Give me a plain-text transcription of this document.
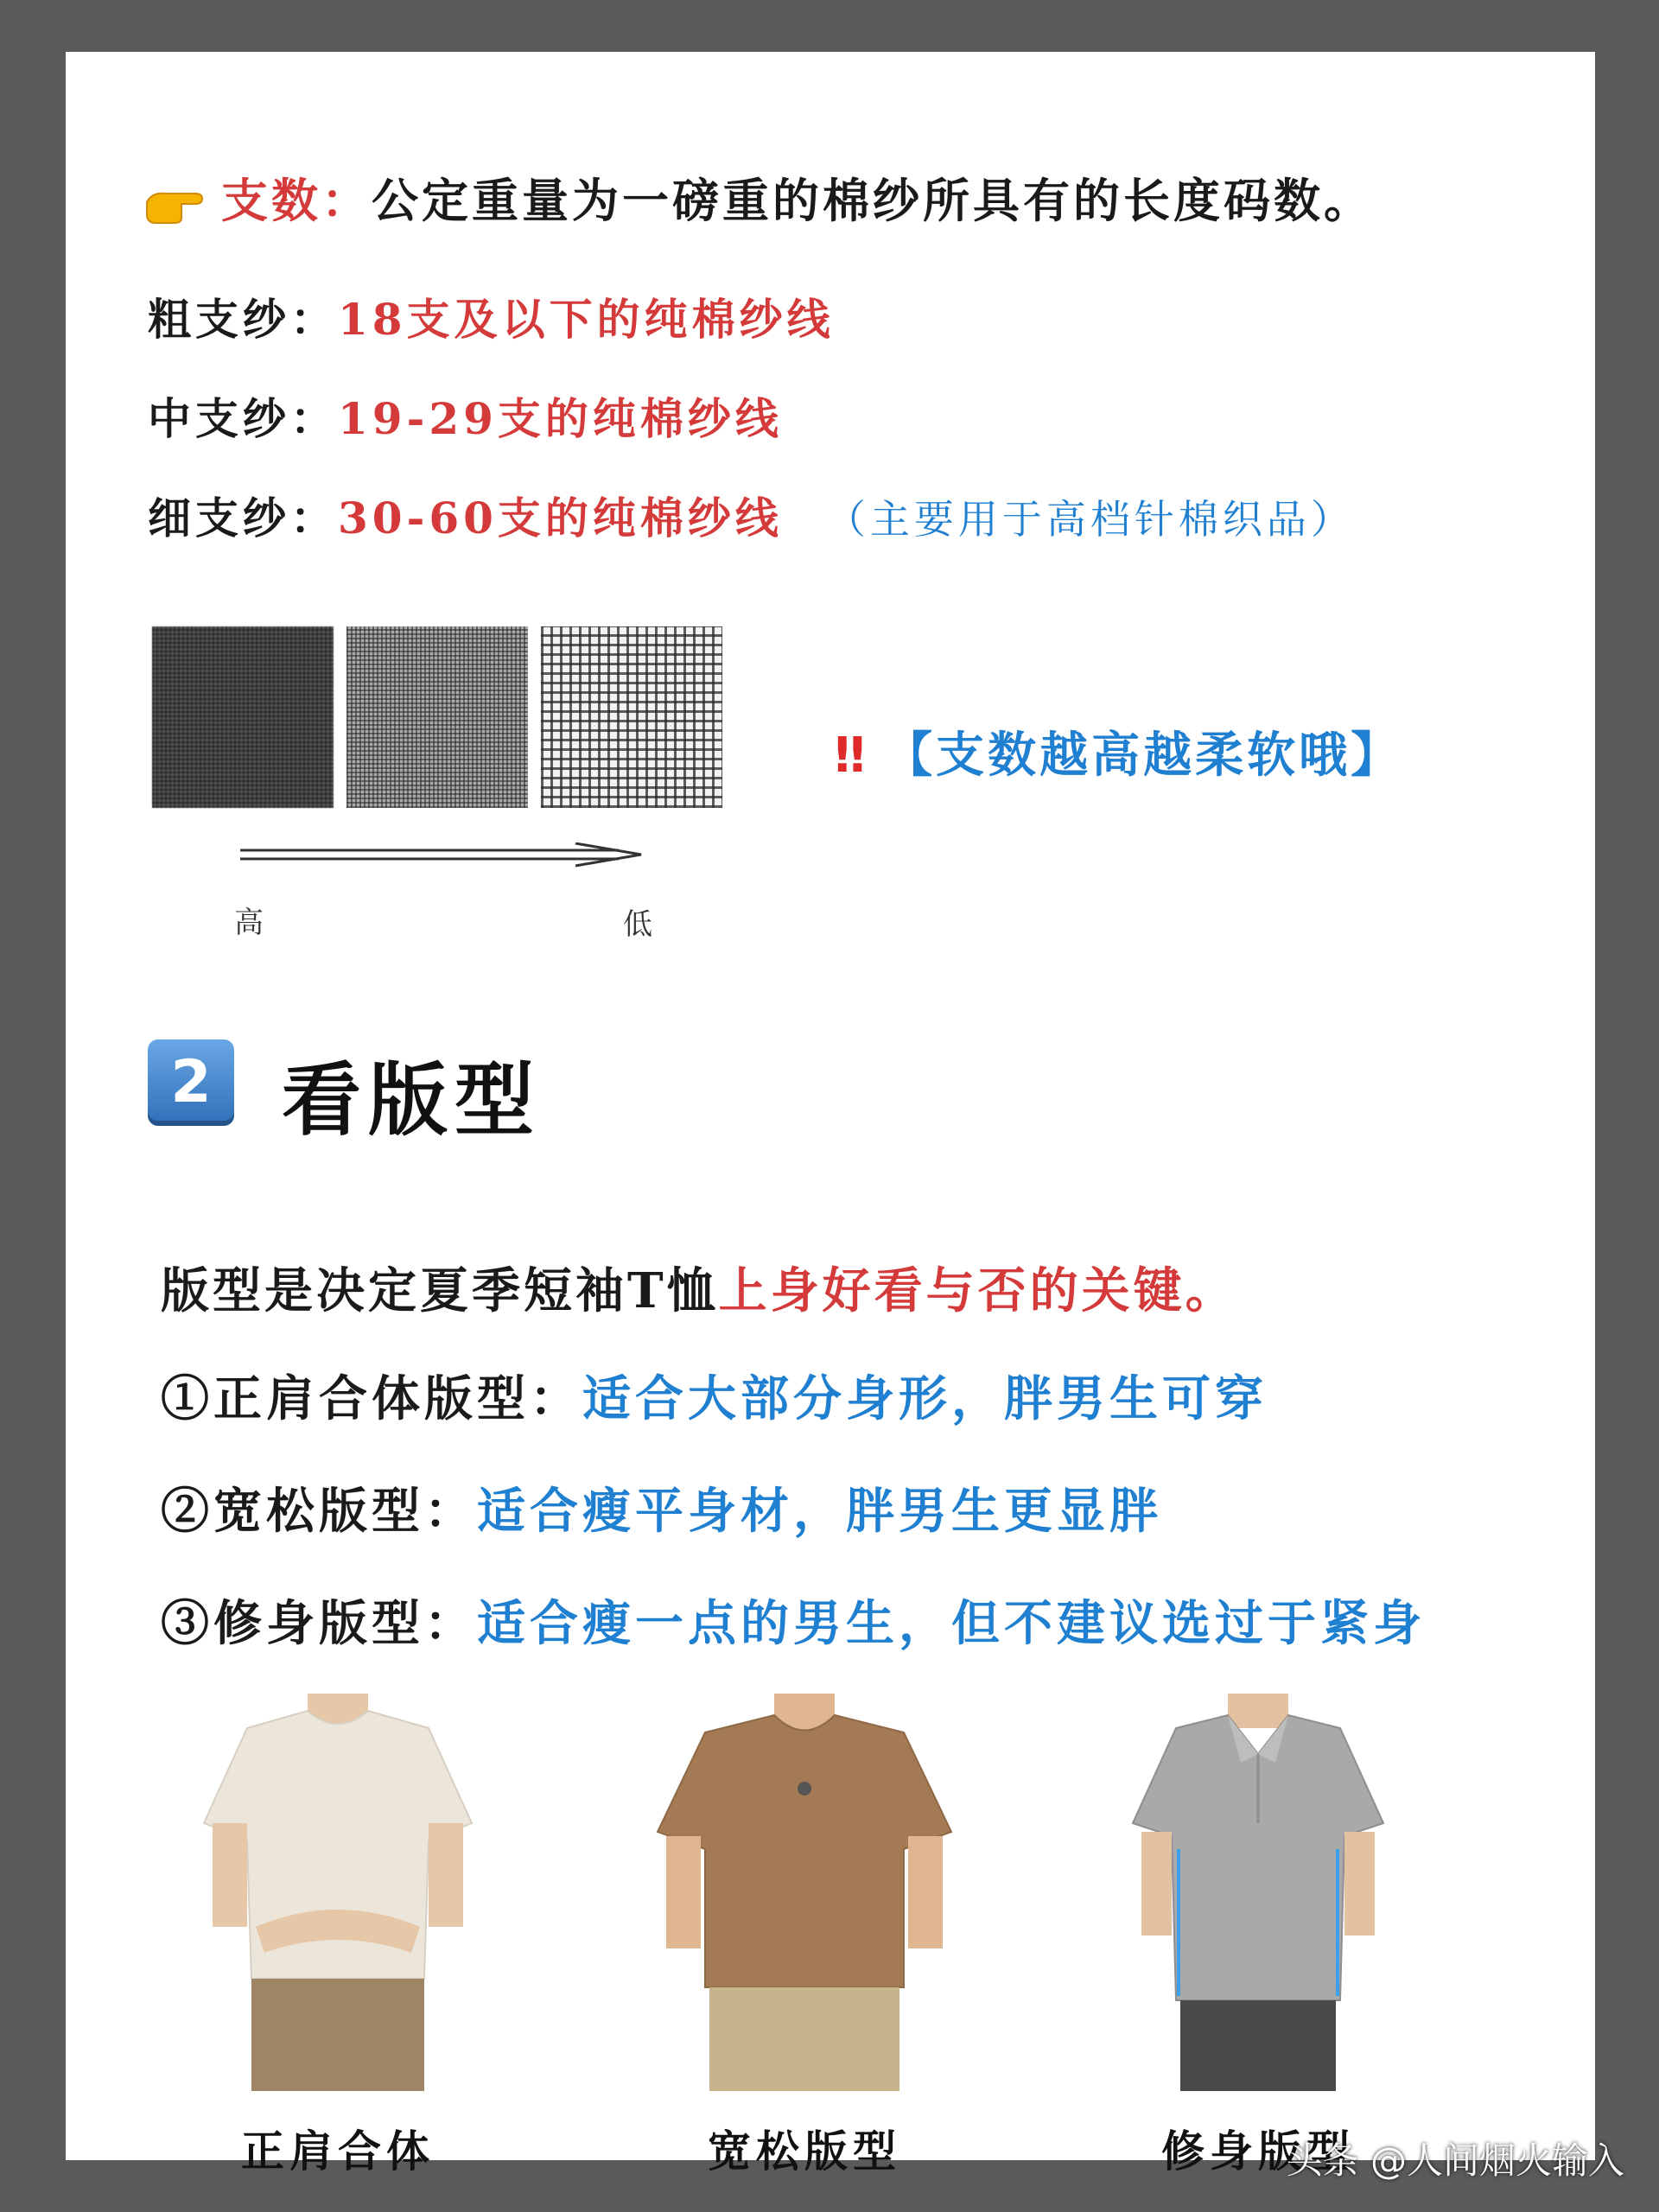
支数：公定重量为一磅重的棉纱所具有的长度码数。
粗支纱：18支及以下的纯棉纱线
中支纱：19-29支的纯棉纱线
细支纱：30-60支的纯棉纱线 （主要用于高档针棉织品）
高	低
‼ 【支数越高越柔软哦】
2 看版型
版型是决定夏季短袖T恤上身好看与否的关键。
①正肩合体版型：适合大部分身形，胖男生可穿
②宽松版型：适合瘦平身材，胖男生更显胖
③修身版型：适合瘦一点的男生，但不建议选过于紧身
正肩合体	宽松版型	修身版型
头条 @人间烟火输入
